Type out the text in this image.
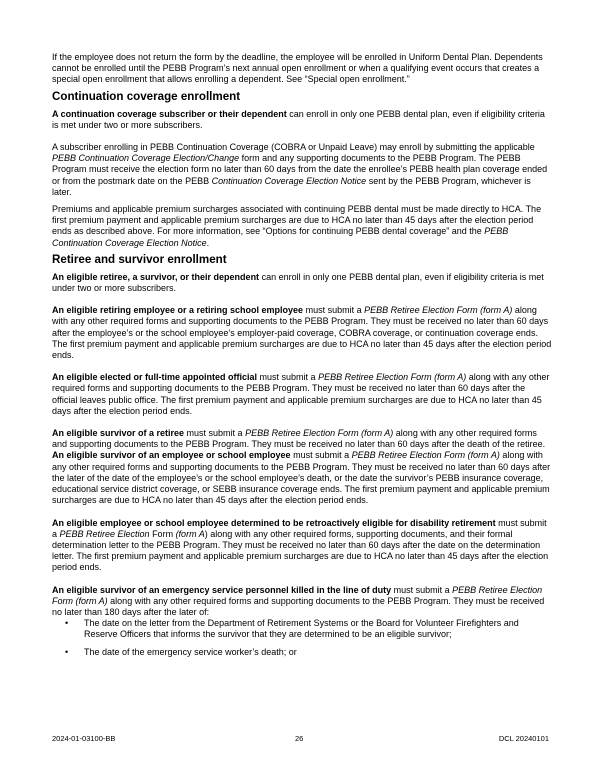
If the employee does not return the form by the deadline, the employee will be enrolled in Uniform Dental Plan. Dependents cannot be enrolled until the PEBB Program’s next annual open enrollment or when a qualifying event occurs that creates a special open enrollment that allows enrolling a dependent. See “Special open enrollment.”

Continuation coverage enrollment

A continuation coverage subscriber or their dependent can enroll in only one PEBB dental plan, even if eligibility criteria is met under two or more subscribers.

A subscriber enrolling in PEBB Continuation Coverage (COBRA or Unpaid Leave) may enroll by submitting the applicable PEBB Continuation Coverage Election/Change form and any supporting documents to the PEBB Program. The PEBB Program must receive the election form no later than 60 days from the date the enrollee’s PEBB health plan coverage ended or from the postmark date on the PEBB Continuation Coverage Election Notice sent by the PEBB Program, whichever is later.

Premiums and applicable premium surcharges associated with continuing PEBB dental must be made directly to HCA. The first premium payment and applicable premium surcharges are due to HCA no later than 45 days after the election period ends as described above. For more information, see “Options for continuing PEBB dental coverage” and the PEBB Continuation Coverage Election Notice.

Retiree and survivor enrollment

An eligible retiree, a survivor, or their dependent can enroll in only one PEBB dental plan, even if eligibility criteria is met under two or more subscribers.

An eligible retiring employee or a retiring school employee must submit a PEBB Retiree Election Form (form A) along with any other required forms and supporting documents to the PEBB Program. They must be received no later than 60 days after the employee’s or the school employee’s employer-paid coverage, COBRA coverage, or continuation coverage ends. The first premium payment and applicable premium surcharges are due to HCA no later than 45 days after the election period ends.

An eligible elected or full-time appointed official must submit a PEBB Retiree Election Form (form A) along with any other required forms and supporting documents to the PEBB Program. They must be received no later than 60 days after the official leaves public office. The first premium payment and applicable premium surcharges are due to HCA no later than 45 days after the election period ends.

An eligible survivor of a retiree must submit a PEBB Retiree Election Form (form A) along with any other required forms and supporting documents to the PEBB Program. They must be received no later than 60 days after the death of the retiree.

An eligible survivor of an employee or school employee must submit a PEBB Retiree Election Form (form A) along with any other required forms and supporting documents to the PEBB Program. They must be received no later than 60 days after the later of the date of the employee’s or the school employee’s death, or the date the survivor’s PEBB insurance coverage, educational service district coverage, or SEBB insurance coverage ends. The first premium payment and applicable premium surcharges are due to HCA no later than 45 days after the election period ends.

An eligible employee or school employee determined to be retroactively eligible for disability retirement must submit a PEBB Retiree Election Form (form A) along with any other required forms, supporting documents, and their formal determination letter to the PEBB Program. They must be received no later than 60 days after the date on the determination letter. The first premium payment and applicable premium surcharges are due to HCA no later than 45 days after the election period ends.

An eligible survivor of an emergency service personnel killed in the line of duty must submit a PEBB Retiree Election Form (form A) along with any other required forms and supporting documents to the PEBB Program. They must be received no later than 180 days after the later of:

• The date on the letter from the Department of Retirement Systems or the Board for Volunteer Firefighters and Reserve Officers that informs the survivor that they are determined to be an eligible survivor;
• The date of the emergency service worker’s death; or
2024-01-03100-BB	26	DCL 20240101
